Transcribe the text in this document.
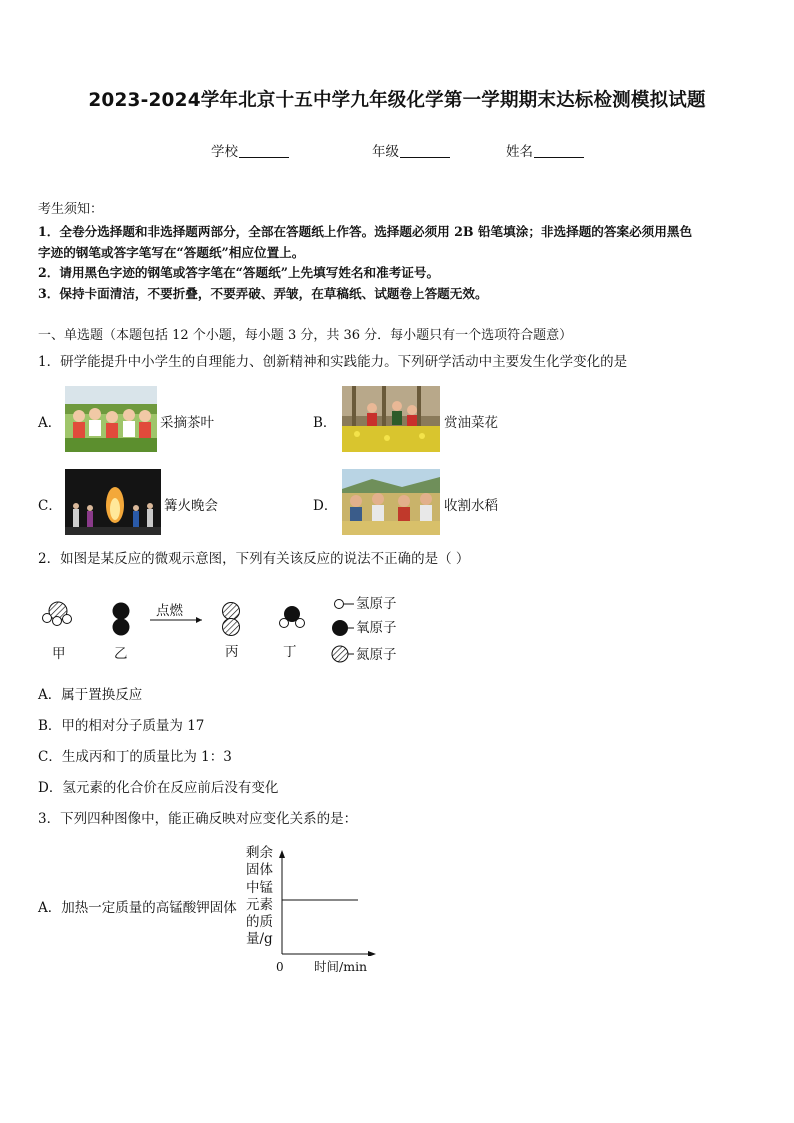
2023-2024学年北京十五中学九年级化学第一学期期末达标检测模拟试题
学校	年级	姓名
考生须知：
1．全卷分选择题和非选择题两部分，全部在答题纸上作答。选择题必须用 2B 铅笔填涂；非选择题的答案必须用黑色
字迹的钢笔或答字笔写在“答题纸”相应位置上。
2．请用黑色字迹的钢笔或答字笔在“答题纸”上先填写姓名和准考证号。
3．保持卡面清洁，不要折叠，不要弄破、弄皱，在草稿纸、试题卷上答题无效。
一、单选题（本题包括 12 个小题，每小题 3 分，共 36 分．每小题只有一个选项符合题意）
1．研学能提升中小学生的自理能力、创新精神和实践能力。下列研学活动中主要发生化学变化的是
A．	采摘茶叶	B．	赏油菜花
C．	篝火晚会	D．	收割水稻
2．如图是某反应的微观示意图，下列有关该反应的说法不正确的是（ ）
点燃
甲	乙	丙	丁
氢原子
氧原子
氮原子
A．属于置换反应
B．甲的相对分子质量为 17
C．生成丙和丁的质量比为 1：3
D．氢元素的化合价在反应前后没有变化
3．下列四种图像中，能正确反映对应变化关系的是：
A．加热一定质量的高锰酸钾固体
剩余
固体
中锰
元素
的质
量/g
0 时间/min
